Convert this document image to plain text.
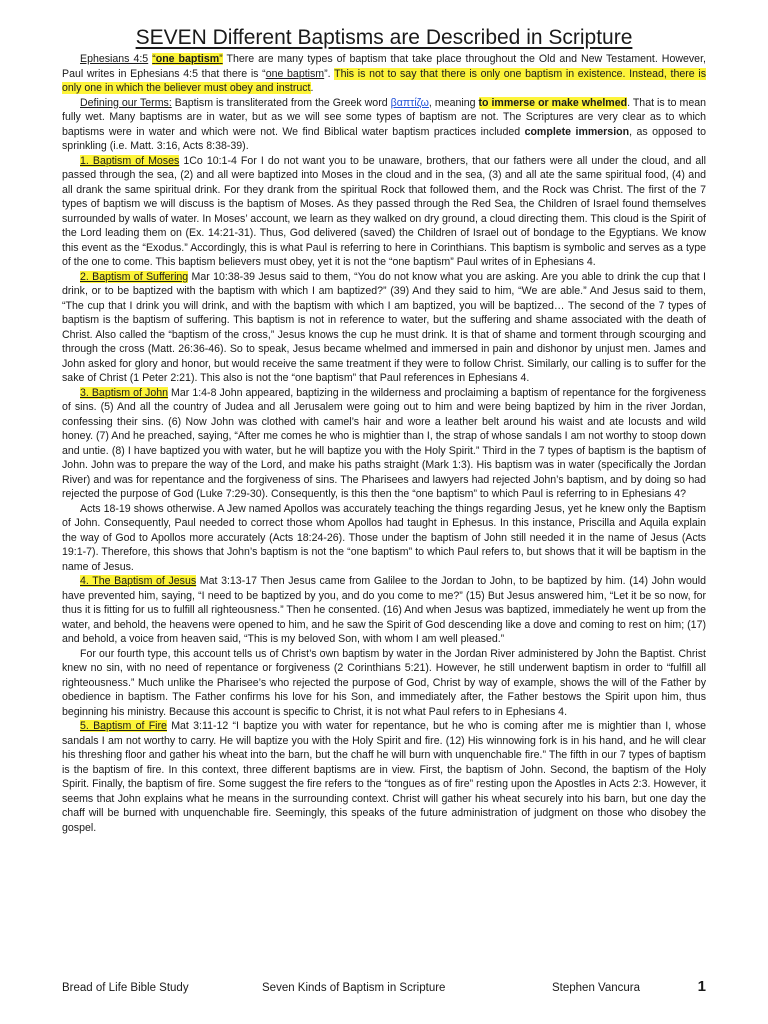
SEVEN Different Baptisms are Described in Scripture

Ephesians 4:5 “one baptism” There are many types of baptism that take place throughout the Old and New Testament. However, Paul writes in Ephesians 4:5 that there is “one baptism”. This is not to say that there is only one baptism in existence. Instead, there is only one in which the believer must obey and instruct.

Defining our Terms: Baptism is transliterated from the Greek word βαπτίζω, meaning to immerse or make whelmed. That is to mean fully wet. Many baptisms are in water, but as we will see some types of baptism are not. The Scriptures are very clear as to which baptisms were in water and which were not. We find Biblical water baptism practices included complete immersion, as opposed to sprinkling (i.e. Matt. 3:16, Acts 8:38-39).

1. Baptism of Moses 1Co 10:1-4 For I do not want you to be unaware, brothers, that our fathers were all under the cloud, and all passed through the sea, (2) and all were baptized into Moses in the cloud and in the sea, (3) and all ate the same spiritual food, (4) and all drank the same spiritual drink. For they drank from the spiritual Rock that followed them, and the Rock was Christ. The first of the 7 types of baptism we will discuss is the baptism of Moses. As they passed through the Red Sea, the Children of Israel found themselves surrounded by walls of water. In Moses’ account, we learn as they walked on dry ground, a cloud directing them. This cloud is the Spirit of the Lord leading them on (Ex. 14:21-31). Thus, God delivered (saved) the Children of Israel out of bondage to the Egyptians. We know this event as the “Exodus.” Accordingly, this is what Paul is referring to here in Corinthians. This baptism is symbolic and serves as a type of the one to come. This baptism believers must obey, yet it is not the “one baptism” Paul writes of in Ephesians 4.

2. Baptism of Suffering Mar 10:38-39 Jesus said to them, “You do not know what you are asking. Are you able to drink the cup that I drink, or to be baptized with the baptism with which I am baptized?” (39) And they said to him, “We are able.” And Jesus said to them, “The cup that I drink you will drink, and with the baptism with which I am baptized, you will be baptized… The second of the 7 types of baptism is the baptism of suffering. This baptism is not in reference to water, but the suffering and shame associated with the death of Christ. Also called the “baptism of the cross,” Jesus knows the cup he must drink. It is that of shame and torment through scourging and through the cross (Matt. 26:36-46). So to speak, Jesus became whelmed and immersed in pain and dishonor by unjust men. James and John asked for glory and honor, but would receive the same treatment if they were to follow Christ. Similarly, our calling is to suffer for the sake of Christ (1 Peter 2:21). This also is not the “one baptism” that Paul references in Ephesians 4.

3. Baptism of John Mar 1:4-8 John appeared, baptizing in the wilderness and proclaiming a baptism of repentance for the forgiveness of sins. (5) And all the country of Judea and all Jerusalem were going out to him and were being baptized by him in the river Jordan, confessing their sins. (6) Now John was clothed with camel’s hair and wore a leather belt around his waist and ate locusts and wild honey. (7) And he preached, saying, “After me comes he who is mightier than I, the strap of whose sandals I am not worthy to stoop down and untie. (8) I have baptized you with water, but he will baptize you with the Holy Spirit.” Third in the 7 types of baptism is the baptism of John. John was to prepare the way of the Lord, and make his paths straight (Mark 1:3). His baptism was in water (specifically the Jordan River) and was for repentance and the forgiveness of sins. The Pharisees and lawyers had rejected John’s baptism, and by doing so had rejected the purpose of God (Luke 7:29-30). Consequently, is this then the “one baptism” to which Paul is referring to in Ephesians 4?

Acts 18-19 shows otherwise. A Jew named Apollos was accurately teaching the things regarding Jesus, yet he knew only the Baptism of John. Consequently, Paul needed to correct those whom Apollos had taught in Ephesus. In this instance, Priscilla and Aquila explain the way of God to Apollos more accurately (Acts 18:24-26). Those under the baptism of John still needed it in the name of Jesus (Acts 19:1-7). Therefore, this shows that John’s baptism is not the “one baptism” to which Paul refers to, but shows that it will be baptism in the name of Jesus.

4. The Baptism of Jesus Mat 3:13-17 Then Jesus came from Galilee to the Jordan to John, to be baptized by him. (14) John would have prevented him, saying, “I need to be baptized by you, and do you come to me?” (15) But Jesus answered him, “Let it be so now, for thus it is fitting for us to fulfill all righteousness.” Then he consented. (16) And when Jesus was baptized, immediately he went up from the water, and behold, the heavens were opened to him, and he saw the Spirit of God descending like a dove and coming to rest on him; (17) and behold, a voice from heaven said, “This is my beloved Son, with whom I am well pleased.”

For our fourth type, this account tells us of Christ’s own baptism by water in the Jordan River administered by John the Baptist. Christ knew no sin, with no need of repentance or forgiveness (2 Corinthians 5:21). However, he still underwent baptism in order to “fulfill all righteousness.” Much unlike the Pharisee’s who rejected the purpose of God, Christ by way of example, shows the will of the Father by obedience in baptism. The Father confirms his love for his Son, and immediately after, the Father bestows the Spirit upon him, thus beginning his ministry. Because this account is specific to Christ, it is not what Paul refers to in Ephesians 4.

5. Baptism of Fire Mat 3:11-12 “I baptize you with water for repentance, but he who is coming after me is mightier than I, whose sandals I am not worthy to carry. He will baptize you with the Holy Spirit and fire. (12) His winnowing fork is in his hand, and he will clear his threshing floor and gather his wheat into the barn, but the chaff he will burn with unquenchable fire.” The fifth in our 7 types of baptism is the baptism of fire. In this context, three different baptisms are in view. First, the baptism of John. Second, the baptism of the Holy Spirit. Finally, the baptism of fire. Some suggest the fire refers to the “tongues as of fire” resting upon the Apostles in Acts 2:3. However, it seems that John explains what he means in the surrounding context. Christ will gather his wheat securely into his barn, but one day the chaff will be burned with unquenchable fire. Seemingly, this speaks of the future administration of judgment on those who disobey the gospel.

Bread of Life Bible Study	Seven Kinds of Baptism in Scripture	Stephen Vancura	1
